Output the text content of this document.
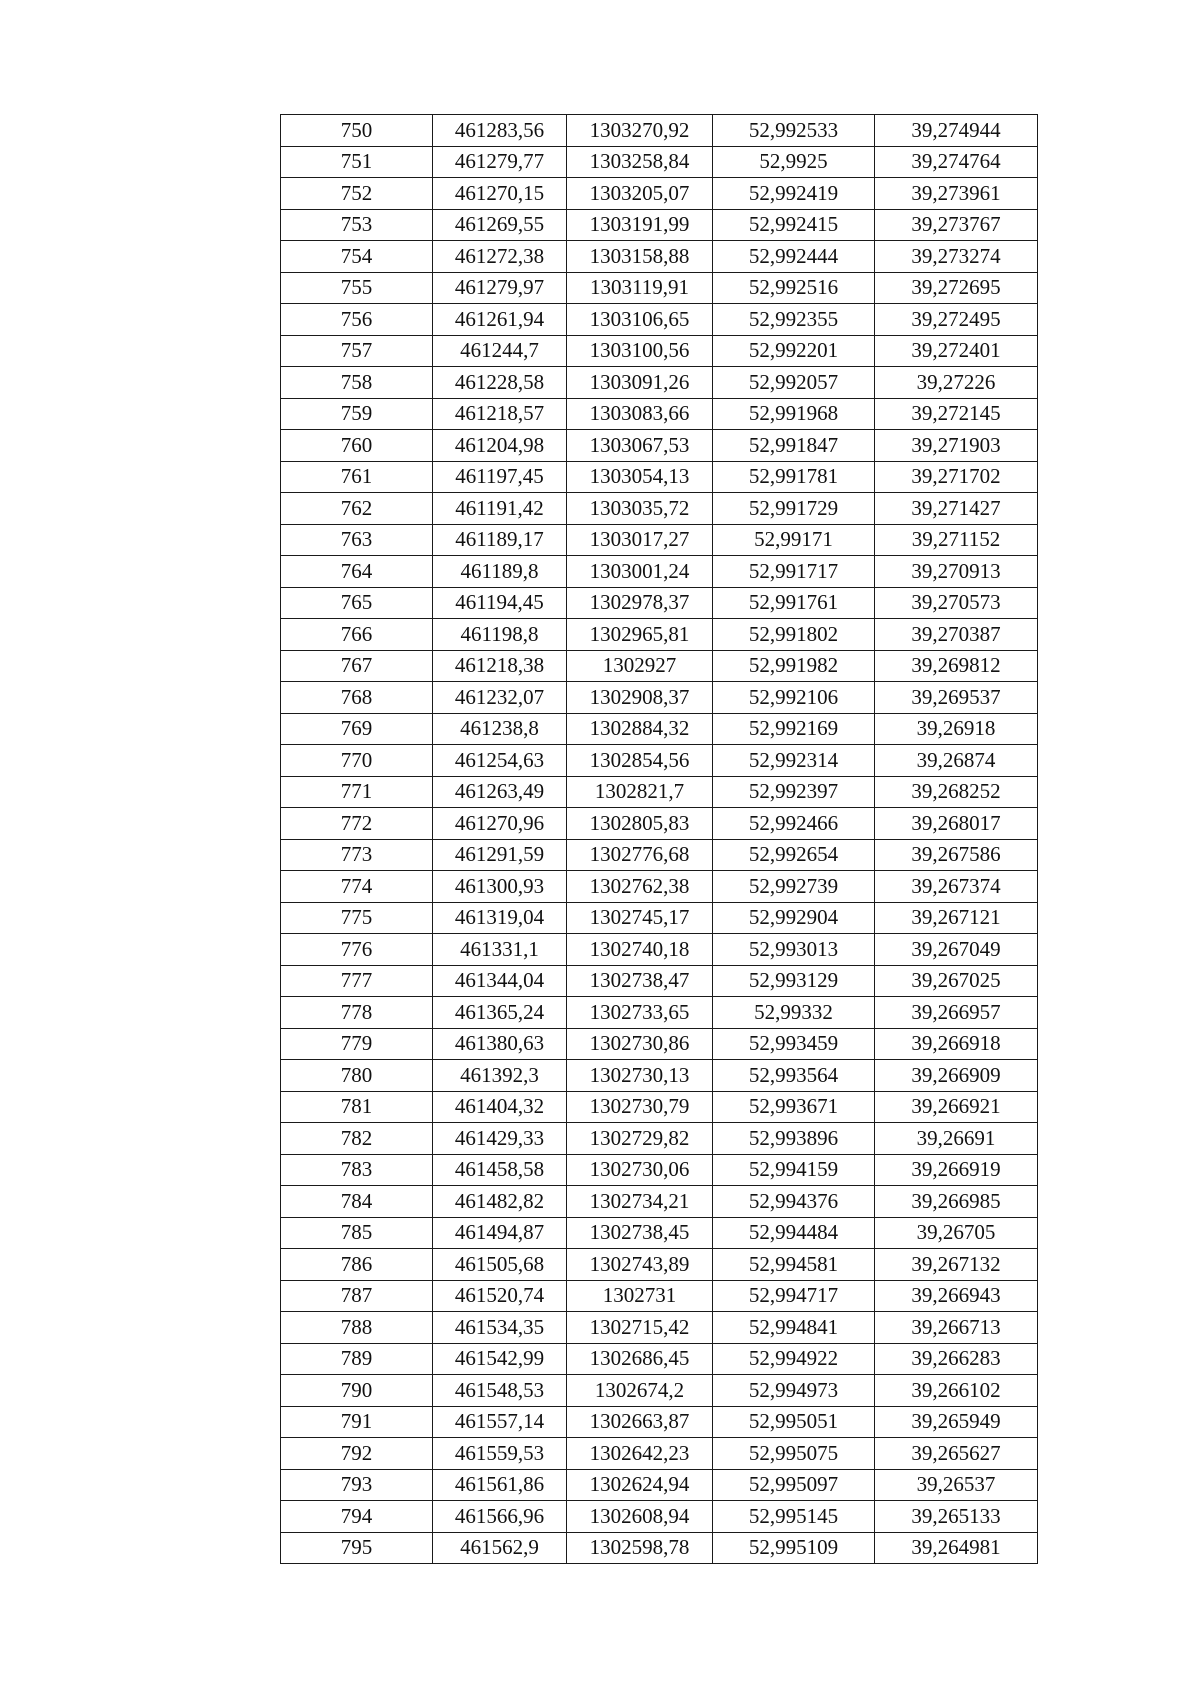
750	461283,56	1303270,92	52,992533	39,274944
751	461279,77	1303258,84	52,9925	39,274764
752	461270,15	1303205,07	52,992419	39,273961
753	461269,55	1303191,99	52,992415	39,273767
754	461272,38	1303158,88	52,992444	39,273274
755	461279,97	1303119,91	52,992516	39,272695
756	461261,94	1303106,65	52,992355	39,272495
757	461244,7	1303100,56	52,992201	39,272401
758	461228,58	1303091,26	52,992057	39,27226
759	461218,57	1303083,66	52,991968	39,272145
760	461204,98	1303067,53	52,991847	39,271903
761	461197,45	1303054,13	52,991781	39,271702
762	461191,42	1303035,72	52,991729	39,271427
763	461189,17	1303017,27	52,99171	39,271152
764	461189,8	1303001,24	52,991717	39,270913
765	461194,45	1302978,37	52,991761	39,270573
766	461198,8	1302965,81	52,991802	39,270387
767	461218,38	1302927	52,991982	39,269812
768	461232,07	1302908,37	52,992106	39,269537
769	461238,8	1302884,32	52,992169	39,26918
770	461254,63	1302854,56	52,992314	39,26874
771	461263,49	1302821,7	52,992397	39,268252
772	461270,96	1302805,83	52,992466	39,268017
773	461291,59	1302776,68	52,992654	39,267586
774	461300,93	1302762,38	52,992739	39,267374
775	461319,04	1302745,17	52,992904	39,267121
776	461331,1	1302740,18	52,993013	39,267049
777	461344,04	1302738,47	52,993129	39,267025
778	461365,24	1302733,65	52,99332	39,266957
779	461380,63	1302730,86	52,993459	39,266918
780	461392,3	1302730,13	52,993564	39,266909
781	461404,32	1302730,79	52,993671	39,266921
782	461429,33	1302729,82	52,993896	39,26691
783	461458,58	1302730,06	52,994159	39,266919
784	461482,82	1302734,21	52,994376	39,266985
785	461494,87	1302738,45	52,994484	39,26705
786	461505,68	1302743,89	52,994581	39,267132
787	461520,74	1302731	52,994717	39,266943
788	461534,35	1302715,42	52,994841	39,266713
789	461542,99	1302686,45	52,994922	39,266283
790	461548,53	1302674,2	52,994973	39,266102
791	461557,14	1302663,87	52,995051	39,265949
792	461559,53	1302642,23	52,995075	39,265627
793	461561,86	1302624,94	52,995097	39,26537
794	461566,96	1302608,94	52,995145	39,265133
795	461562,9	1302598,78	52,995109	39,264981
